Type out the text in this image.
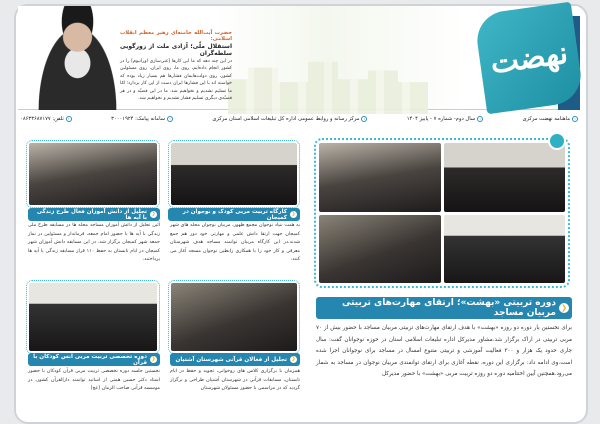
نهضت
حضرت آیت‌الله خامنه‌ای رهبر معظم انقلاب اسلامی:
استقلال ملّی؛ آزادی ملت از زورگویی سلطه‌گران
در این چند دهه که ما این کارها [غنی‌سازی اورانیوم] را در کشور انجام داده‌ایم، روی ما، روی ایران، روی مسئولین کشور، روی دولت‌هایمان فشارها هم بسیار زیاد بوده که خواسته اند با این فشارها ایران دست از این کار بردارد؛ امّا ما تسلیم نشدیم و نخواهیم شد. ما در این قضیّه و در هر قضیّه‌ی دیگری تسلیم فشار نشدیم و نخواهیم شد.
›
ماهنامه نهضت مرکزی
›
سال دوم- شماره ۷ - پاییز ۱۴۰۴
›
مرکز رسانه و روابط عمومی اداره کل تبلیغات اسلامی استان مرکزی
›
سامانه پیامک: ۳۰۰۰۱۹۲۴
›
تلفن: ۰۸۶۳۳۶۸۷۱۷۷
❮
دوره تربیتی «بهشت»؛ ارتقای مهارت‌های تربیتی مربیان مساجد
برای نخستین بار دوره دو روزه «بهشت» با هدف ارتقای مهارت‌های تربیتی مربیان مساجد با حضور بیش از ۷۰ مربی تربیتی در اراک برگزار شد.مشاور مدیرکل اداره تبلیغات اسلامی استان در حوزه نوجوانان گفت: سال جاری حدود یک هزار و ۳۰۰ فعالیت آموزشی و تربیتی متنوع امسال در مساجد برای نوجوانان اجرا شده است.وی ادامه داد: برگزاری این دوره، نقطه آغازی برای ارتقای توانمندی مربیان نوجوان در مساجد به شمار می‌رود.همچنین آیین اختتامیه دوره دو روزه تربیت مربی «بهشت» با حضور مدیرکل
❮
کارگاه تربیت مربی کودک و نوجوان در کمیجان
به همت بنیاد نوجوان مجمع ظهور، مربیان نوجوان محله های شهر کمیجان جهت ارتقا دانش علمی و مهارتی خود دور هم جمع شدند.در این کارگاه مربیان توانمند مساجد هدف شهرستان معرفی و کار خود را با همکاری رابطین نوجوان مسجد آغاز می کنند.
❮
تجلیل از دانش آموزان فعال طرح زندگی با آیه ها
آئین تجلیل از دانش آموزان مساجد محله ها در مسابقه طرح ملی زندگی با آیه ها با حضور امام جمعه، فرماندار و مسئولین در نماز جمعه شهر کمیجان برگزار شد. در این مسابقه دانش آموزان شهر کمیجان در ایام تابستان به حفظ ۱۱۰ فراز مسابقه زندگی با آیه ها پرداختند.
❮
تجلیل از فعالان قرآنی شهرستان آشتیان
همزمان با برگزاری کلاس های روخوانی، تجوید و حفظ در ایام تابستان، مسابقات قرآنی در شهرستان آشتیان طراحی و برگزار گردید که در مراسمی با حضور مسئولان شهرستان
❮
دوره تخصصی تربیت مربی انس کودکان با قرآن
نخستین جلسه دوره تخصصی تربیت مربی قرآن کودکان با حضور استاد دکتر حسین همتی از اساتید توانمند دارالقرآن کشور، در موسسه قرآنی صاحب الزمان (عج)
